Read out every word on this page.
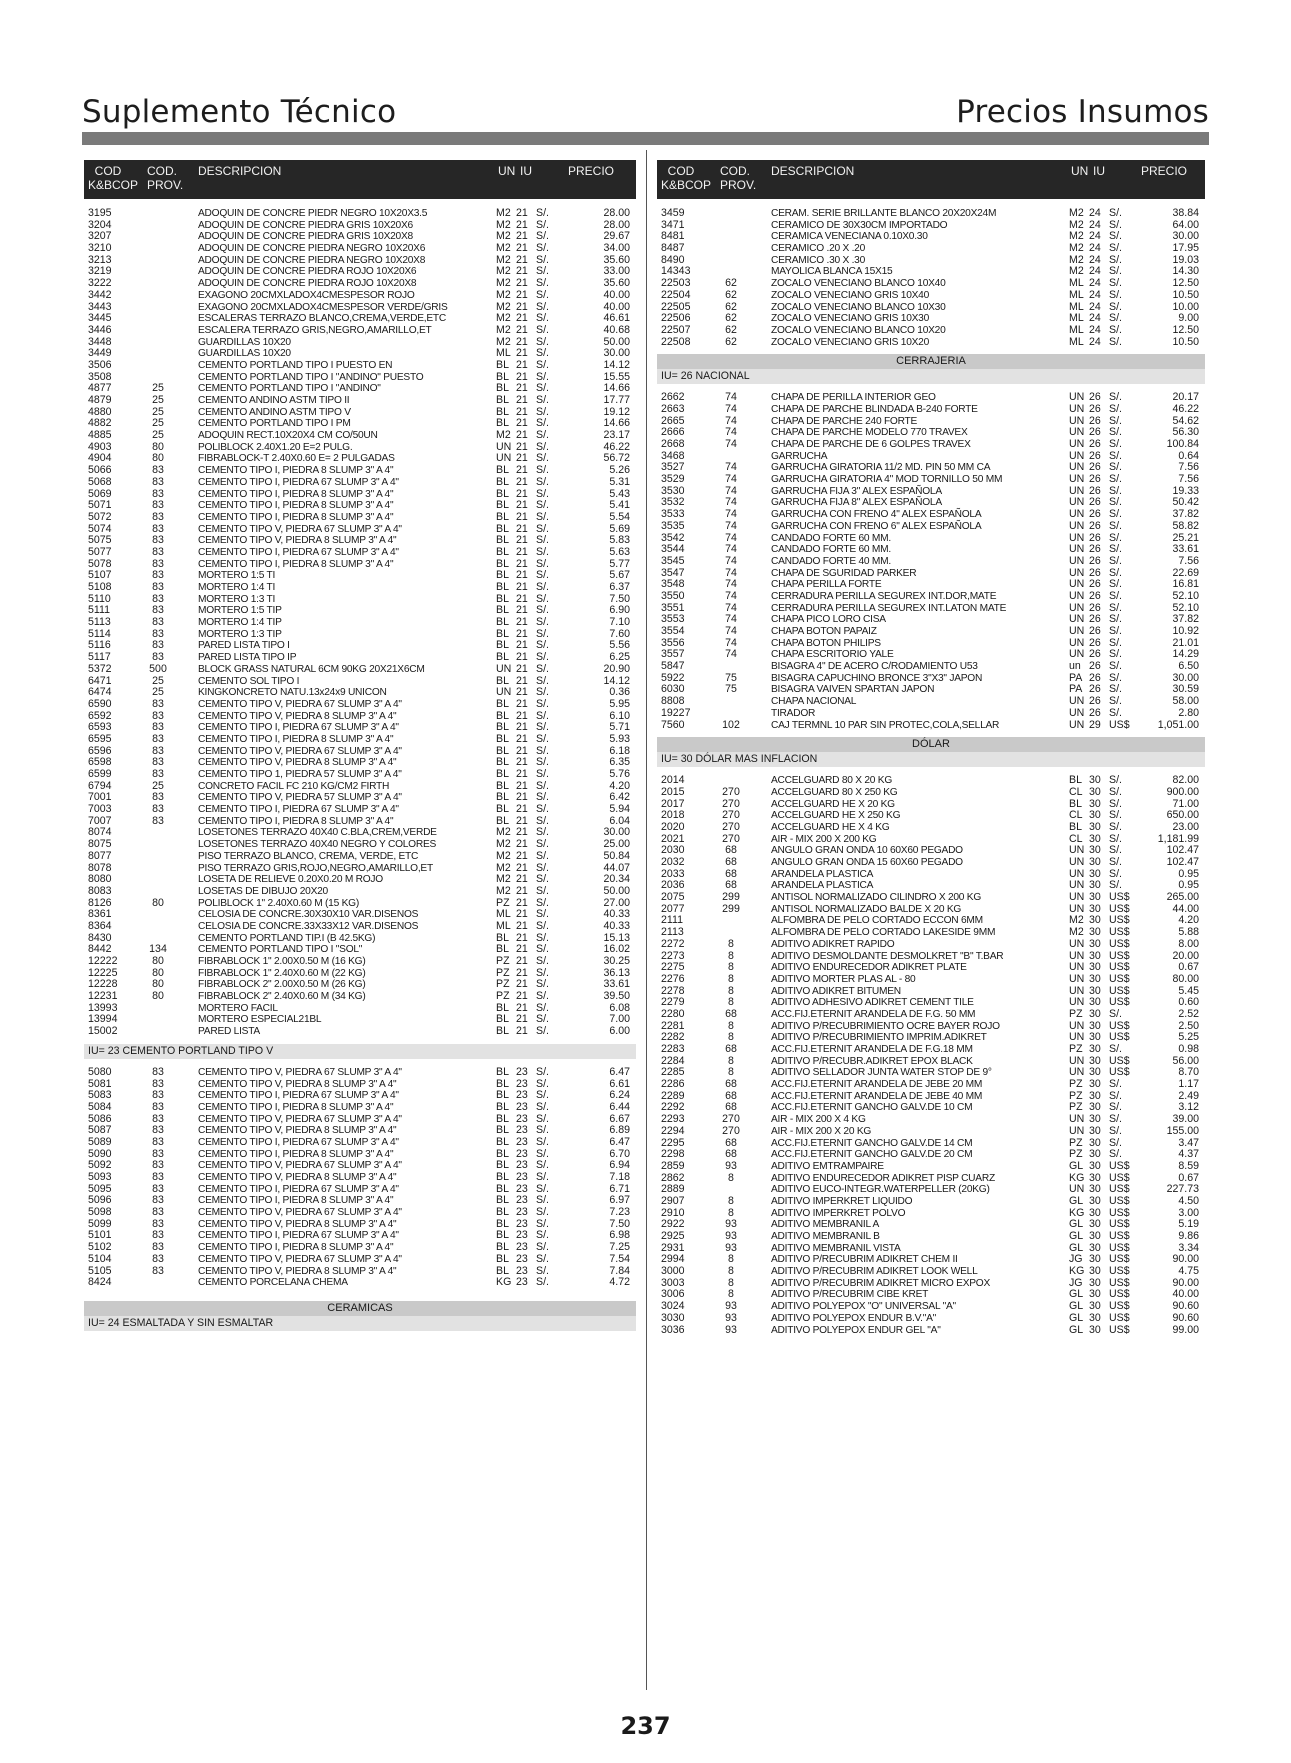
Suplemento Técnico	Precios Insumos
COD
K&BCOP
COD.
PROV.
DESCRIPCION	UN IU	PRECIO
3195	ADOQUIN DE CONCRE PIEDR NEGRO 10X20X3.5	M2 21 S/.	28.00
3204	ADOQUIN DE CONCRE PIEDRA GRIS 10X20X6	M2 21 S/.	28.00
3207	ADOQUIN DE CONCRE PIEDRA GRIS 10X20X8	M2 21 S/.	29.67
3210	ADOQUIN DE CONCRE PIEDRA NEGRO 10X20X6	M2 21 S/.	34.00
3213	ADOQUIN DE CONCRE PIEDRA NEGRO 10X20X8	M2 21 S/.	35.60
3219	ADOQUIN DE CONCRE PIEDRA ROJO 10X20X6	M2 21 S/.	33.00
3222	ADOQUIN DE CONCRE PIEDRA ROJO 10X20X8	M2 21 S/.	35.60
3442	EXAGONO 20CMXLADOX4CMESPESOR ROJO	M2 21 S/.	40.00
3443	EXAGONO 20CMXLADOX4CMESPESOR VERDE/GRIS	M2 21 S/.	40.00
3445	ESCALERAS TERRAZO BLANCO,CREMA,VERDE,ETC	M2 21 S/.	46.61
3446	ESCALERA TERRAZO GRIS,NEGRO,AMARILLO,ET	M2 21 S/.	40.68
3448	GUARDILLAS 10X20	M2 21 S/.	50.00
3449	GUARDILLAS 10X20	ML 21 S/.	30.00
3506	CEMENTO PORTLAND TIPO I PUESTO EN	BL 21 S/.	14.12
3508	CEMENTO PORTLAND TIPO I "ANDINO" PUESTO	BL 21 S/.	15.55
4877	25	CEMENTO PORTLAND TIPO I "ANDINO"	BL 21 S/.	14.66
4879	25	CEMENTO ANDINO ASTM TIPO II	BL 21 S/.	17.77
4880	25	CEMENTO ANDINO ASTM TIPO V	BL 21 S/.	19.12
4882	25	CEMENTO PORTLAND TIPO I PM	BL 21 S/.	14.66
4885	25	ADOQUIN RECT.10X20X4 CM CO/50UN	M2 21 S/.	23.17
4903	80	POLIBLOCK 2.40X1.20 E=2 PULG.	UN 21 S/.	46.22
4904	80	FIBRABLOCK-T 2.40X0.60 E= 2 PULGADAS	UN 21 S/.	56.72
5066	83	CEMENTO TIPO I, PIEDRA 8 SLUMP 3" A 4"	BL 21 S/.	5.26
5068	83	CEMENTO TIPO I, PIEDRA 67 SLUMP 3" A 4"	BL 21 S/.	5.31
5069	83	CEMENTO TIPO I, PIEDRA 8 SLUMP 3" A 4"	BL 21 S/.	5.43
5071	83	CEMENTO TIPO I, PIEDRA 8 SLUMP 3" A 4"	BL 21 S/.	5.41
5072	83	CEMENTO TIPO I, PIEDRA 8 SLUMP 3" A 4"	BL 21 S/.	5.54
5074	83	CEMENTO TIPO V, PIEDRA 67 SLUMP 3" A 4"	BL 21 S/.	5.69
5075	83	CEMENTO TIPO V, PIEDRA 8 SLUMP 3" A 4"	BL 21 S/.	5.83
5077	83	CEMENTO TIPO I, PIEDRA 67 SLUMP 3" A 4"	BL 21 S/.	5.63
5078	83	CEMENTO TIPO I, PIEDRA 8 SLUMP 3" A 4"	BL 21 S/.	5.77
5107	83	MORTERO 1:5 TI	BL 21 S/.	5.67
5108	83	MORTERO 1:4 TI	BL 21 S/.	6.37
5110	83	MORTERO 1:3 TI	BL 21 S/.	7.50
5111	83	MORTERO 1:5 TIP	BL 21 S/.	6.90
5113	83	MORTERO 1:4 TIP	BL 21 S/.	7.10
5114	83	MORTERO 1:3 TIP	BL 21 S/.	7.60
5116	83	PARED LISTA TIPO I	BL 21 S/.	5.56
5117	83	PARED LISTA TIPO IP	BL 21 S/.	6.25
5372	500	BLOCK GRASS NATURAL 6CM 90KG 20X21X6CM	UN 21 S/.	20.90
6471	25	CEMENTO SOL TIPO I	BL 21 S/.	14.12
6474	25	KINGKONCRETO NATU.13x24x9 UNICON	UN 21 S/.	0.36
6590	83	CEMENTO TIPO V, PIEDRA 67 SLUMP 3" A 4"	BL 21 S/.	5.95
6592	83	CEMENTO TIPO V, PIEDRA 8 SLUMP 3" A 4"	BL 21 S/.	6.10
6593	83	CEMENTO TIPO I, PIEDRA 67 SLUMP 3" A 4"	BL 21 S/.	5.71
6595	83	CEMENTO TIPO I, PIEDRA 8 SLUMP 3" A 4"	BL 21 S/.	5.93
6596	83	CEMENTO TIPO V, PIEDRA 67 SLUMP 3" A 4"	BL 21 S/.	6.18
6598	83	CEMENTO TIPO V, PIEDRA 8 SLUMP 3" A 4"	BL 21 S/.	6.35
6599	83	CEMENTO TIPO 1, PIEDRA 57 SLUMP 3" A 4"	BL 21 S/.	5.76
6794	25	CONCRETO FACIL FC 210 KG/CM2 FIRTH	BL 21 S/.	4.20
7001	83	CEMENTO TIPO V, PIEDRA 57 SLUMP 3" A 4"	BL 21 S/.	6.42
7003	83	CEMENTO TIPO I, PIEDRA 67 SLUMP 3" A 4"	BL 21 S/.	5.94
7007	83	CEMENTO TIPO I, PIEDRA 8 SLUMP 3" A 4"	BL 21 S/.	6.04
8074	LOSETONES TERRAZO 40X40 C.BLA,CREM,VERDE	M2 21 S/.	30.00
8075	LOSETONES TERRAZO 40X40 NEGRO Y COLORES	M2 21 S/.	25.00
8077	PISO TERRAZO BLANCO, CREMA, VERDE, ETC	M2 21 S/.	50.84
8078	PISO TERRAZO GRIS,ROJO,NEGRO,AMARILLO,ET	M2 21 S/.	44.07
8080	LOSETA DE RELIEVE 0.20X0.20 M ROJO	M2 21 S/.	20.34
8083	LOSETAS DE DIBUJO 20X20	M2 21 S/.	50.00
8126	80	POLIBLOCK 1" 2.40X0.60 M (15 KG)	PZ 21 S/.	27.00
8361	CELOSIA DE CONCRE.30X30X10 VAR.DISENOS	ML 21 S/.	40.33
8364	CELOSIA DE CONCRE.33X33X12 VAR.DISENOS	ML 21 S/.	40.33
8430	CEMENTO PORTLAND TIP.I (B 42.5KG)	BL 21 S/.	15.13
8442	134	CEMENTO PORTLAND TIPO I "SOL"	BL 21 S/.	16.02
12222	80	FIBRABLOCK 1" 2.00X0.50 M (16 KG)	PZ 21 S/.	30.25
12225	80	FIBRABLOCK 1" 2.40X0.60 M (22 KG)	PZ 21 S/.	36.13
12228	80	FIBRABLOCK 2" 2.00X0.50 M (26 KG)	PZ 21 S/.	33.61
12231	80	FIBRABLOCK 2" 2.40X0.60 M (34 KG)	PZ 21 S/.	39.50
13993	MORTERO FACIL	BL 21 S/.	6.08
13994	MORTERO ESPECIAL21BL	BL 21 S/.	7.00
15002	PARED LISTA	BL 21 S/.	6.00
IU= 23 CEMENTO PORTLAND TIPO V
5080	83	CEMENTO TIPO V, PIEDRA 67 SLUMP 3" A 4"	BL 23 S/.	6.47
5081	83	CEMENTO TIPO V, PIEDRA 8 SLUMP 3" A 4"	BL 23 S/.	6.61
5083	83	CEMENTO TIPO I, PIEDRA 67 SLUMP 3" A 4"	BL 23 S/.	6.24
5084	83	CEMENTO TIPO I, PIEDRA 8 SLUMP 3" A 4"	BL 23 S/.	6.44
5086	83	CEMENTO TIPO V, PIEDRA 67 SLUMP 3" A 4"	BL 23 S/.	6.67
5087	83	CEMENTO TIPO V, PIEDRA 8 SLUMP 3" A 4"	BL 23 S/.	6.89
5089	83	CEMENTO TIPO I, PIEDRA 67 SLUMP 3" A 4"	BL 23 S/.	6.47
5090	83	CEMENTO TIPO I, PIEDRA 8 SLUMP 3" A 4"	BL 23 S/.	6.70
5092	83	CEMENTO TIPO V, PIEDRA 67 SLUMP 3" A 4"	BL 23 S/.	6.94
5093	83	CEMENTO TIPO V, PIEDRA 8 SLUMP 3" A 4"	BL 23 S/.	7.18
5095	83	CEMENTO TIPO I, PIEDRA 67 SLUMP 3" A 4"	BL 23 S/.	6.71
5096	83	CEMENTO TIPO I, PIEDRA 8 SLUMP 3" A 4"	BL 23 S/.	6.97
5098	83	CEMENTO TIPO V, PIEDRA 67 SLUMP 3" A 4"	BL 23 S/.	7.23
5099	83	CEMENTO TIPO V, PIEDRA 8 SLUMP 3" A 4"	BL 23 S/.	7.50
5101	83	CEMENTO TIPO I, PIEDRA 67 SLUMP 3" A 4"	BL 23 S/.	6.98
5102	83	CEMENTO TIPO I, PIEDRA 8 SLUMP 3" A 4"	BL 23 S/.	7.25
5104	83	CEMENTO TIPO V, PIEDRA 67 SLUMP 3" A 4"	BL 23 S/.	7.54
5105	83	CEMENTO TIPO V, PIEDRA 8 SLUMP 3" A 4"	BL 23 S/.	7.84
8424	CEMENTO PORCELANA CHEMA	KG 23 S/.	4.72
CERAMICAS
IU= 24 ESMALTADA Y SIN ESMALTAR
COD
K&BCOP
COD.
PROV.
DESCRIPCION	UN IU	PRECIO
3459	CERAM. SERIE BRILLANTE BLANCO 20X20X24M	M2 24 S/.	38.84
3471	CERAMICO DE 30X30CM IMPORTADO	M2 24 S/.	64.00
8481	CERAMICA VENECIANA 0.10X0.30	M2 24 S/.	30.00
8487	CERAMICO .20 X .20	M2 24 S/.	17.95
8490	CERAMICO .30 X .30	M2 24 S/.	19.03
14343	MAYOLICA BLANCA 15X15	M2 24 S/.	14.30
22503	62	ZOCALO VENECIANO BLANCO 10X40	ML 24 S/.	12.50
22504	62	ZOCALO VENECIANO GRIS 10X40	ML 24 S/.	10.50
22505	62	ZOCALO VENECIANO BLANCO 10X30	ML 24 S/.	10.00
22506	62	ZOCALO VENECIANO GRIS 10X30	ML 24 S/.	9.00
22507	62	ZOCALO VENECIANO BLANCO 10X20	ML 24 S/.	12.50
22508	62	ZOCALO VENECIANO GRIS 10X20	ML 24 S/.	10.50
CERRAJERIA
IU= 26 NACIONAL
2662	74	CHAPA DE PERILLA INTERIOR GEO	UN 26 S/.	20.17
2663	74	CHAPA DE PARCHE BLINDADA B-240 FORTE	UN 26 S/.	46.22
2665	74	CHAPA DE PARCHE 240 FORTE	UN 26 S/.	54.62
2666	74	CHAPA DE PARCHE MODELO 770 TRAVEX	UN 26 S/.	56.30
2668	74	CHAPA DE PARCHE DE 6 GOLPES TRAVEX	UN 26 S/.	100.84
3468	GARRUCHA	UN 26 S/.	0.64
3527	74	GARRUCHA GIRATORIA 11/2 MD. PIN 50 MM CA	UN 26 S/.	7.56
3529	74	GARRUCHA GIRATORIA 4" MOD TORNILLO 50 MM	UN 26 S/.	7.56
3530	74	GARRUCHA FIJA 3" ALEX ESPAÑOLA	UN 26 S/.	19.33
3532	74	GARRUCHA FIJA 8" ALEX ESPAÑOLA	UN 26 S/.	50.42
3533	74	GARRUCHA CON FRENO 4" ALEX ESPAÑOLA	UN 26 S/.	37.82
3535	74	GARRUCHA CON FRENO 6" ALEX ESPAÑOLA	UN 26 S/.	58.82
3542	74	CANDADO FORTE 60 MM.	UN 26 S/.	25.21
3544	74	CANDADO FORTE 60 MM.	UN 26 S/.	33.61
3545	74	CANDADO FORTE 40 MM.	UN 26 S/.	7.56
3547	74	CHAPA DE SGURIDAD PARKER	UN 26 S/.	22.69
3548	74	CHAPA PERILLA FORTE	UN 26 S/.	16.81
3550	74	CERRADURA PERILLA SEGUREX INT.DOR,MATE	UN 26 S/.	52.10
3551	74	CERRADURA PERILLA SEGUREX INT.LATON MATE	UN 26 S/.	52.10
3553	74	CHAPA PICO LORO CISA	UN 26 S/.	37.82
3554	74	CHAPA BOTON PAPAIZ	UN 26 S/.	10.92
3556	74	CHAPA BOTON PHILIPS	UN 26 S/.	21.01
3557	74	CHAPA ESCRITORIO YALE	UN 26 S/.	14.29
5847	BISAGRA 4" DE ACERO C/RODAMIENTO U53	un 26 S/.	6.50
5922	75	BISAGRA CAPUCHINO BRONCE 3"X3" JAPON	PA 26 S/.	30.00
6030	75	BISAGRA VAIVEN SPARTAN JAPON	PA 26 S/.	30.59
8808	CHAPA NACIONAL	UN 26 S/.	58.00
19227	TIRADOR	UN 26 S/.	2.80
7560	102	CAJ TERMNL 10 PAR SIN PROTEC,COLA,SELLAR	UN 29 US$	1,051.00
DÓLAR
IU= 30 DÓLAR MAS INFLACION
2014	ACCELGUARD 80 X 20 KG	BL 30 S/.	82.00
2015	270	ACCELGUARD 80 X 250 KG	CL 30 S/.	900.00
2017	270	ACCELGUARD HE X 20 KG	BL 30 S/.	71.00
2018	270	ACCELGUARD HE X 250 KG	CL 30 S/.	650.00
2020	270	ACCELGUARD HE X 4 KG	BL 30 S/.	23.00
2021	270	AIR - MIX 200 X 200 KG	CL 30 S/.	1,181.99
2030	68	ANGULO GRAN ONDA 10 60X60 PEGADO	UN 30 S/.	102.47
2032	68	ANGULO GRAN ONDA 15 60X60 PEGADO	UN 30 S/.	102.47
2033	68	ARANDELA PLASTICA	UN 30 S/.	0.95
2036	68	ARANDELA PLASTICA	UN 30 S/.	0.95
2075	299	ANTISOL NORMALIZADO CILINDRO X 200 KG	UN 30 US$	265.00
2077	299	ANTISOL NORMALIZADO BALDE X 20 KG	UN 30 US$	44.00
2111	ALFOMBRA DE PELO CORTADO ECCON 6MM	M2 30 US$	4.20
2113	ALFOMBRA DE PELO CORTADO LAKESIDE 9MM	M2 30 US$	5.88
2272	8	ADITIVO ADIKRET RAPIDO	UN 30 US$	8.00
2273	8	ADITIVO DESMOLDANTE DESMOLKRET "B" T.BAR	UN 30 US$	20.00
2275	8	ADITIVO ENDURECEDOR ADIKRET PLATE	UN 30 US$	0.67
2276	8	ADITIVO MORTER PLAS AL - 80	UN 30 US$	80.00
2278	8	ADITIVO ADIKRET BITUMEN	UN 30 US$	5.45
2279	8	ADITIVO ADHESIVO ADIKRET CEMENT TILE	UN 30 US$	0.60
2280	68	ACC.FIJ.ETERNIT ARANDELA DE F.G. 50 MM	PZ 30 S/.	2.52
2281	8	ADITIVO P/RECUBRIMIENTO OCRE BAYER ROJO	UN 30 US$	2.50
2282	8	ADITIVO P/RECUBRIMIENTO IMPRIM.ADIKRET	UN 30 US$	5.25
2283	68	ACC.FIJ.ETERNIT ARANDELA DE F.G.18 MM	PZ 30 S/.	0.98
2284	8	ADITIVO P/RECUBR.ADIKRET EPOX BLACK	UN 30 US$	56.00
2285	8	ADITIVO SELLADOR JUNTA WATER STOP DE 9°	UN 30 US$	8.70
2286	68	ACC.FIJ.ETERNIT ARANDELA DE JEBE 20 MM	PZ 30 S/.	1.17
2289	68	ACC.FIJ.ETERNIT ARANDELA DE JEBE 40 MM	PZ 30 S/.	2.49
2292	68	ACC.FIJ.ETERNIT GANCHO GALV.DE 10 CM	PZ 30 S/.	3.12
2293	270	AIR - MIX 200 X 4 KG	UN 30 S/.	39.00
2294	270	AIR - MIX 200 X 20 KG	UN 30 S/.	155.00
2295	68	ACC.FIJ.ETERNIT GANCHO GALV.DE 14 CM	PZ 30 S/.	3.47
2298	68	ACC.FIJ.ETERNIT GANCHO GALV.DE 20 CM	PZ 30 S/.	4.37
2859	93	ADITIVO EMTRAMPAIRE	GL 30 US$	8.59
2862	8	ADITIVO ENDURECEDOR ADIKRET PISP CUARZ	KG 30 US$	0.67
2889	ADITIVO EUCO-INTEGR.WATERPELLER (20KG)	UN 30 US$	227.73
2907	8	ADITIVO IMPERKRET LIQUIDO	GL 30 US$	4.50
2910	8	ADITIVO IMPERKRET POLVO	KG 30 US$	3.00
2922	93	ADITIVO MEMBRANIL A	GL 30 US$	5.19
2925	93	ADITIVO MEMBRANIL B	GL 30 US$	9.86
2931	93	ADITIVO MEMBRANIL VISTA	GL 30 US$	3.34
2994	8	ADITIVO P/RECUBRIM ADIKRET CHEM II	JG 30 US$	90.00
3000	8	ADITIVO P/RECUBRIM ADIKRET LOOK WELL	KG 30 US$	4.75
3003	8	ADITIVO P/RECUBRIM ADIKRET MICRO EXPOX	JG 30 US$	90.00
3006	8	ADITIVO P/RECUBRIM CIBE KRET	GL 30 US$	40.00
3024	93	ADITIVO POLYEPOX "O" UNIVERSAL "A"	GL 30 US$	90.60
3030	93	ADITIVO POLYEPOX ENDUR B.V."A"	GL 30 US$	90.60
3036	93	ADITIVO POLYEPOX ENDUR GEL "A"	GL 30 US$	99.00
237
